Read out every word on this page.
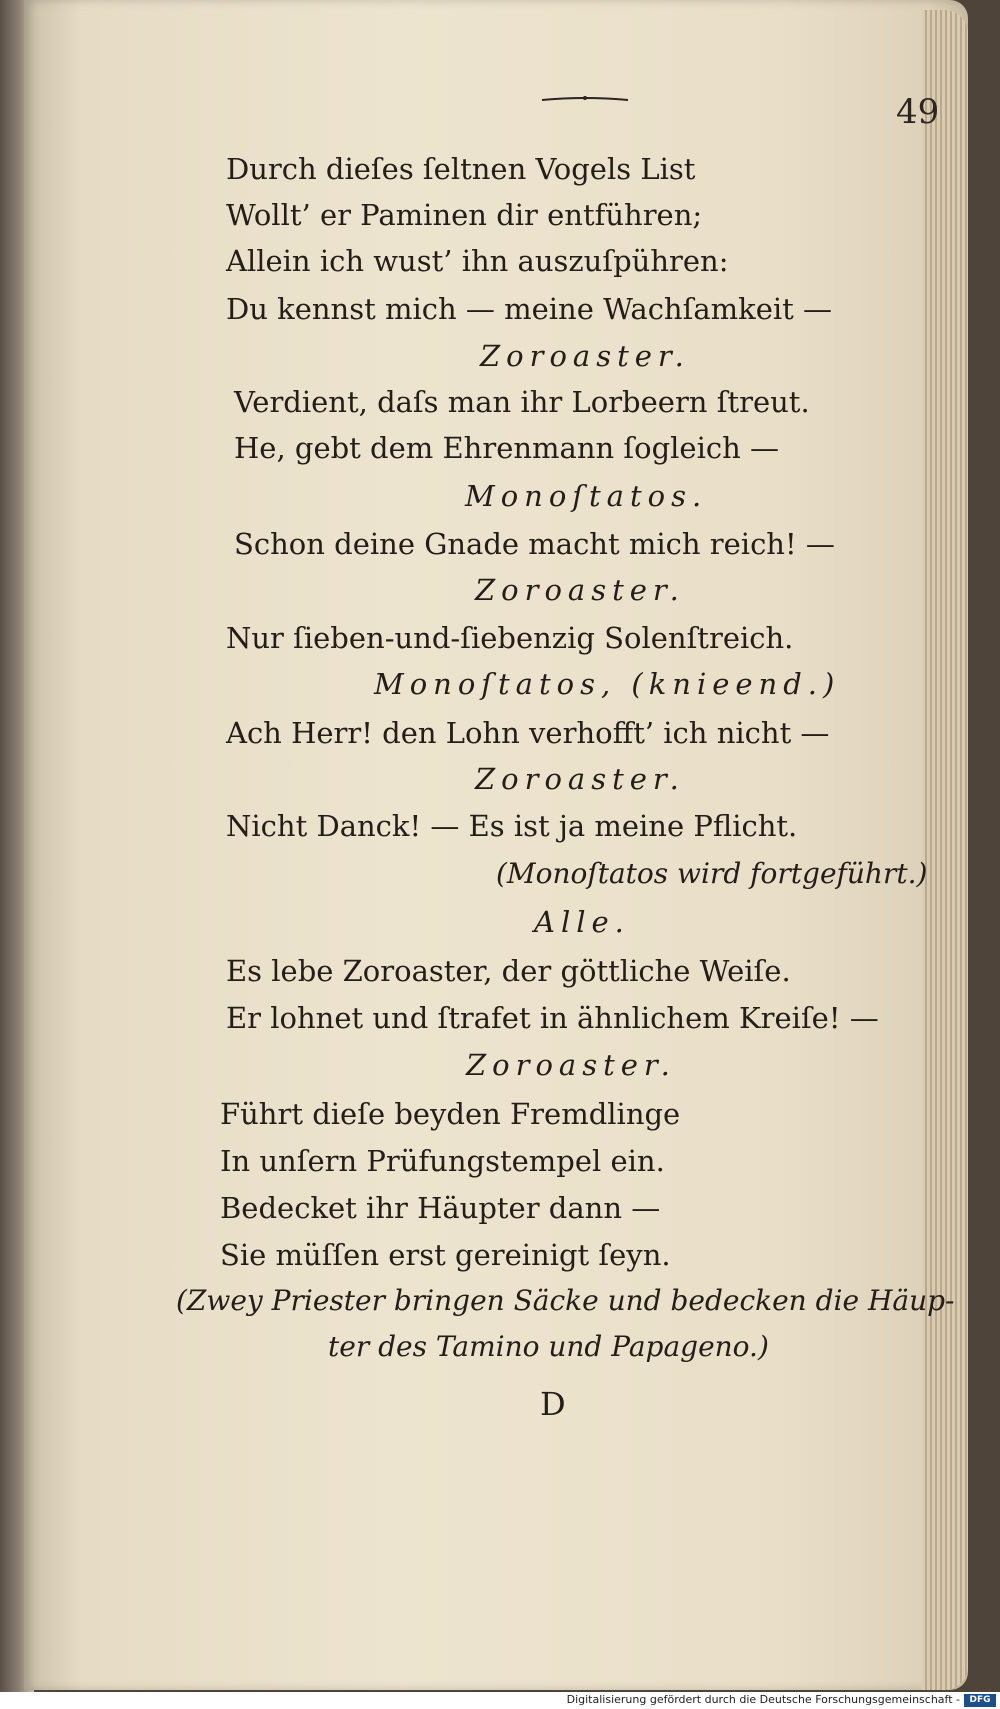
49
Durch dieſes ſeltnen Vogels List
Wollt’ er Paminen dir entführen;
Allein ich wust’ ihn auszuſpühren:
Du kennst mich — meine Wachſamkeit —
Zoroaster.
Verdient, daſs man ihr Lorbeern ſtreut.
He, gebt dem Ehrenmann ſogleich —
Monoſtatos.
Schon deine Gnade macht mich reich! —
Zoroaster.
Nur ſieben-und-ſiebenzig Solenſtreich.
Monoſtatos, (knieend.)
Ach Herr! den Lohn verhofft’ ich nicht —
Zoroaster.
Nicht Danck! — Es ist ja meine Pflicht.
(Monoſtatos wird fortgeführt.)
Alle.
Es lebe Zoroaster, der göttliche Weiſe.
Er lohnet und ſtrafet in ähnlichem Kreiſe! —
Zoroaster.
Führt dieſe beyden Fremdlinge
In unſern Prüfungstempel ein.
Bedecket ihr Häupter dann —
Sie müſſen erst gereinigt ſeyn.
(Zwey Priester bringen Säcke und bedecken die Häup-
ter des Tamino und Papageno.)
D
Digitalisierung gefördert durch die Deutsche Forschungsgemeinschaft -	DFG
